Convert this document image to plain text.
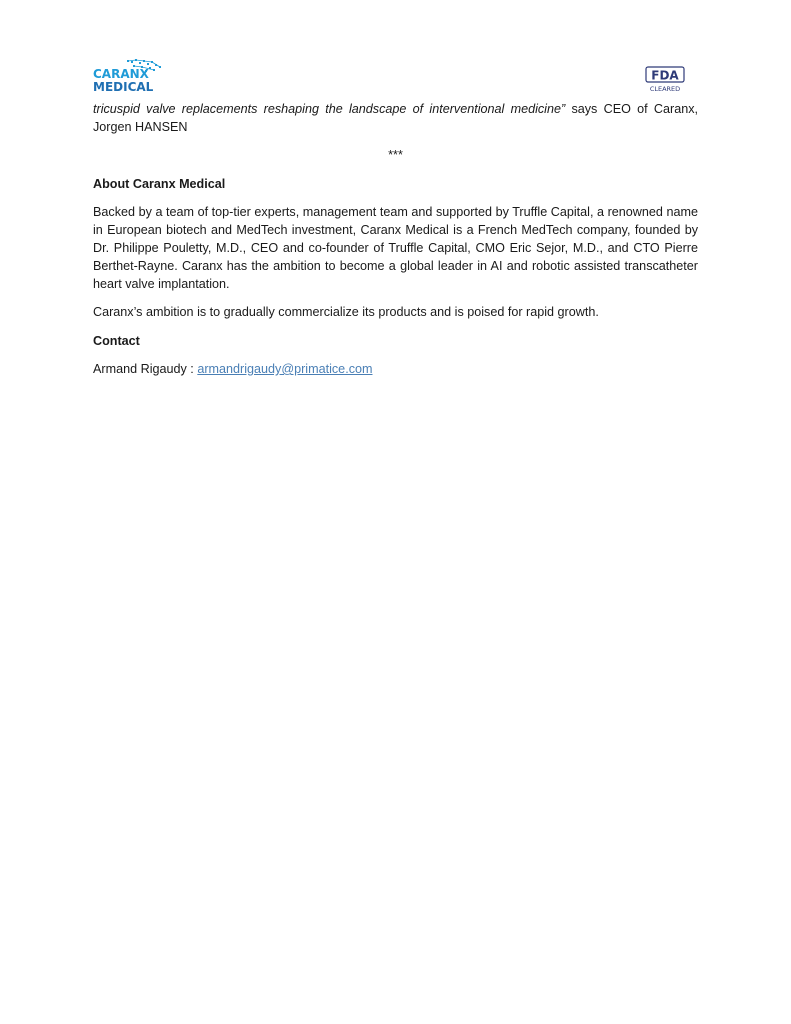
CARANX
MEDICAL
FDA
CLEARED

tricuspid valve replacements reshaping the landscape of interventional medicine” says CEO of Caranx,

Jorgen HANSEN

***

About Caranx Medical

Backed by a team of top-tier experts, management team and supported by Truffle Capital, a renowned name in European biotech and MedTech investment, Caranx Medical is a French MedTech company, founded by Dr. Philippe Pouletty, M.D., CEO and co-founder of Truffle Capital, CMO Eric Sejor, M.D., and CTO Pierre Berthet-Rayne. Caranx has the ambition to become a global leader in AI and robotic assisted transcatheter heart valve implantation.

Caranx’s ambition is to gradually commercialize its products and is poised for rapid growth.

Contact

Armand Rigaudy : armandrigaudy@primatice.com
